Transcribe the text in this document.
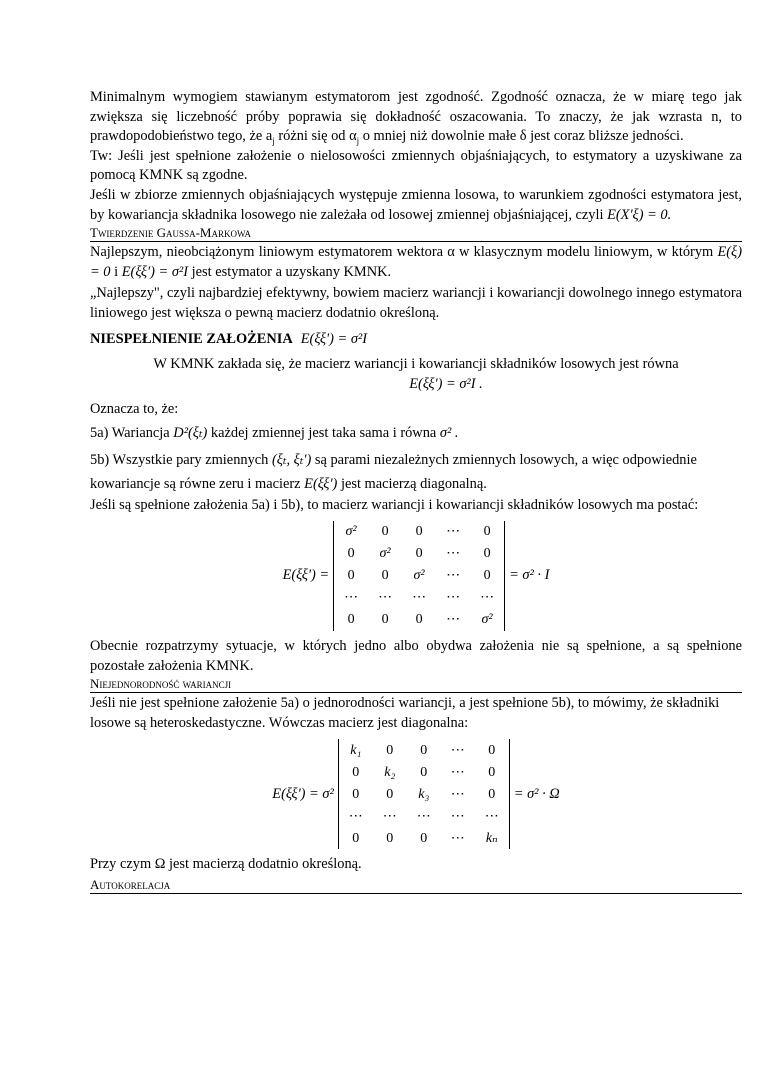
Minimalnym wymogiem stawianym estymatorom jest zgodność. Zgodność oznacza, że w miarę tego jak zwiększa się liczebność próby poprawia się dokładność oszacowania. To znaczy, że jak wzrasta n, to prawdopodobieństwo tego, że $a_j$ różni się od $\alpha_j$ o mniej niż dowolnie małe δ jest coraz bliższe jedności.

Tw: Jeśli jest spełnione założenie o nielosowości zmiennych objaśniających, to estymatory a uzyskiwane za pomocą KMNK są zgodne.

Jeśli w zbiorze zmiennych objaśniających występuje zmienna losowa, to warunkiem zgodności estymatora jest, by kowariancja składnika losowego nie zależała od losowej zmiennej objaśniającej, czyli E(X'ξ) = 0.

Twierdzenie Gaussa-Markowa

Najlepszym, nieobciążonym liniowym estymatorem wektora α w klasycznym modelu liniowym, w którym E(ξ) = 0 i E(ξξ') = σ²I jest estymator a uzyskany KMNK.

„Najlepszy", czyli najbardziej efektywny, bowiem macierz wariancji i kowariancji dowolnego innego estymatora liniowego jest większa o pewną macierz dodatnio określoną.

NIESPEŁNIENIE ZAŁOŻENIA E(ξξ') = σ²I

W KMNK zakłada się, że macierz wariancji i kowariancji składników losowych jest równa

E(ξξ') = σ²I .

Oznacza to, że:

5a) Wariancja D²(ξₜ) każdej zmiennej jest taka sama i równa σ² .

5b) Wszystkie pary zmiennych (ξₜ, ξₜ') są parami niezależnych zmiennych losowych, a więc odpowiednie kowariancje są równe zeru i macierz E(ξξ') jest macierzą diagonalną.

Jeśli są spełnione założenia 5a) i 5b), to macierz wariancji i kowariancji składników losowych ma postać:

E(ξξ') =
σ²	0	0	⋯	0
0	σ²	0	⋯	0
0	0	σ²	⋯	0
⋯	⋯	⋯	⋯	⋯
0	0	0	⋯	σ²
= σ² · I

Obecnie rozpatrzymy sytuacje, w których jedno albo obydwa założenia nie są spełnione, a są spełnione pozostałe założenia KMNK.

Niejednorodność wariancji

Jeśli nie jest spełnione założenie 5a) o jednorodności wariancji, a jest spełnione 5b), to mówimy, że składniki losowe są heteroskedastyczne. Wówczas macierz jest diagonalna:

E(ξξ') = σ²
k₁	0	0	⋯	0
0	k₂	0	⋯	0
0	0	k₃	⋯	0
⋯	⋯	⋯	⋯	⋯
0	0	0	⋯	kₙ
= σ² · Ω

Przy czym Ω jest macierzą dodatnio określoną.

Autokorelacja
